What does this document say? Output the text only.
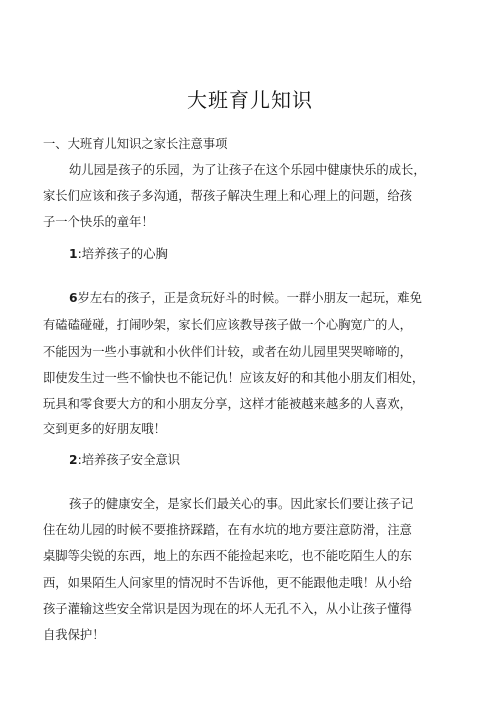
大班育儿知识
一、大班育儿知识之家长注意事项
幼儿园是孩子的乐园，为了让孩子在这个乐园中健康快乐的成长，
家长们应该和孩子多沟通，帮孩子解决生理上和心理上的问题，给孩
子一个快乐的童年！
1:培养孩子的心胸
6岁左右的孩子，正是贪玩好斗的时候。一群小朋友一起玩，难免
有磕磕碰碰，打闹吵架，家长们应该教导孩子做一个心胸宽广的人，
不能因为一些小事就和小伙伴们计较，或者在幼儿园里哭哭啼啼的，
即使发生过一些不愉快也不能记仇！应该友好的和其他小朋友们相处，
玩具和零食要大方的和小朋友分享，这样才能被越来越多的人喜欢，
交到更多的好朋友哦！
2:培养孩子安全意识
孩子的健康安全，是家长们最关心的事。因此家长们要让孩子记
住在幼儿园的时候不要推挤踩踏，在有水坑的地方要注意防滑，注意
桌脚等尖锐的东西，地上的东西不能捡起来吃，也不能吃陌生人的东
西，如果陌生人问家里的情况时不告诉他，更不能跟他走哦！从小给
孩子灌输这些安全常识是因为现在的坏人无孔不入，从小让孩子懂得
自我保护！
